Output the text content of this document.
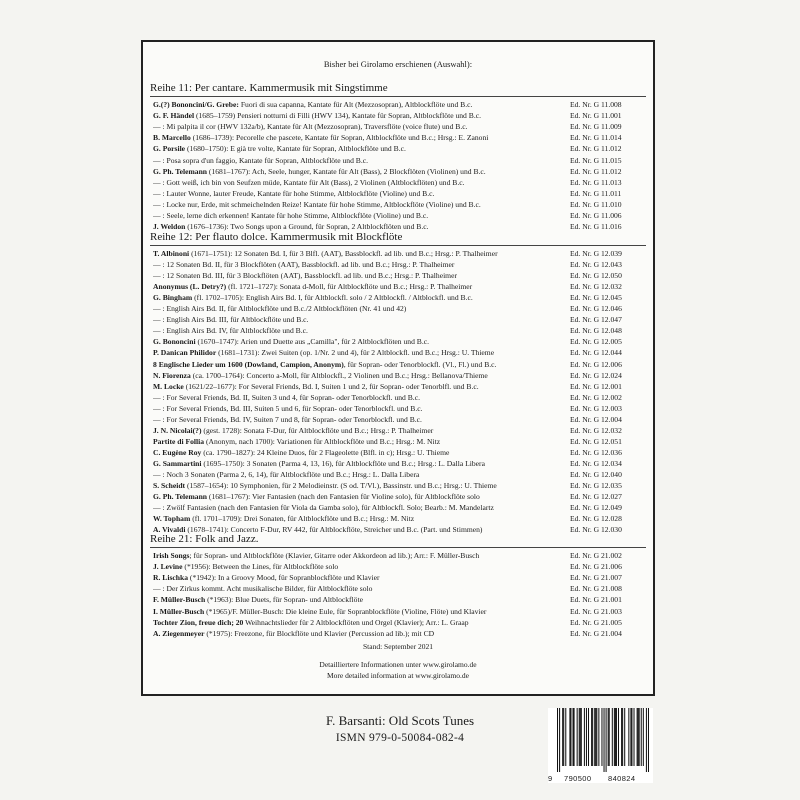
Bisher bei Girolamo erschienen (Auswahl):
Reihe 11: Per cantare. Kammermusik mit Singstimme
G.(?) Bononcini/G. Grebe: Fuori di sua capanna, Kantate für Alt (Mezzosopran), Altblockflöte und B.c.	Ed. Nr. G 11.008
G. F. Händel (1685–1759) Pensieri notturni di Filli (HWV 134), Kantate für Sopran, Altblockflöte und B.c.	Ed. Nr. G 11.001
— : Mi palpita il cor (HWV 132a/b), Kantate für Alt (Mezzosopran), Traversflöte (voice flute) und B.c.	Ed. Nr. G 11.009
B. Marcello (1686–1739): Pecorelle che pascete, Kantate für Sopran, Altblockflöte und B.c.; Hrsg.: E. Zanoni	Ed. Nr. G 11.014
G. Porsile (1680–1750): E già tre volte, Kantate für Sopran, Altblockflöte und B.c.	Ed. Nr. G 11.012
— : Posa sopra d'un faggio, Kantate für Sopran, Altblockflöte und B.c.	Ed. Nr. G 11.015
G. Ph. Telemann (1681–1767): Ach, Seele, hunger, Kantate für Alt (Bass), 2 Blockflöten (Violinen) und B.c.	Ed. Nr. G 11.012
— : Gott weiß, ich bin von Seufzen müde, Kantate für Alt (Bass), 2 Violinen (Altblockflöten) und B.c.	Ed. Nr. G 11.013
— : Lauter Wonne, lauter Freude, Kantate für hohe Stimme, Altblockflöte (Violine) und B.c.	Ed. Nr. G 11.011
— : Locke nur, Erde, mit schmeichelnden Reize! Kantate für hohe Stimme, Altblockflöte (Violine) und B.c.	Ed. Nr. G 11.010
— : Seele, lerne dich erkennen! Kantate für hohe Stimme, Altblockflöte (Violine) und B.c.	Ed. Nr. G 11.006
J. Weldon (1676–1736): Two Songs upon a Ground, für Sopran, 2 Altblockflöten und B.c.	Ed. Nr. G 11.016
Reihe 12: Per flauto dolce. Kammermusik mit Blockflöte
T. Albinoni (1671–1751): 12 Sonaten Bd. I, für 3 Blfl. (AAT), Bassblockfl. ad lib. und B.c.; Hrsg.: P. Thalheimer	Ed. Nr. G 12.039
— : 12 Sonaten Bd. II, für 3 Blockflöten (AAT), Bassblockfl. ad lib. und B.c.; Hrsg.: P. Thalheimer	Ed. Nr. G 12.043
— : 12 Sonaten Bd. III, für 3 Blockflöten (AAT), Bassblockfl. ad lib. und B.c.; Hrsg.: P. Thalheimer	Ed. Nr. G 12.050
Anonymus (L. Detry?) (fl. 1721–1727): Sonata d-Moll, für Altblockflöte und B.c.; Hrsg.: P. Thalheimer	Ed. Nr. G 12.032
G. Bingham (fl. 1702–1705): English Airs Bd. I, für Altblockfl. solo / 2 Altblockfl. / Altblockfl. und B.c.	Ed. Nr. G 12.045
— : English Airs Bd. II, für Altblockflöte und B.c./2 Altblockflöten (Nr. 41 und 42)	Ed. Nr. G 12.046
— : English Airs Bd. III, für Altblockflöte und B.c.	Ed. Nr. G 12.047
— : English Airs Bd. IV, für Altblockflöte und B.c.	Ed. Nr. G 12.048
G. Bononcini (1670–1747): Arien und Duette aus „Camilla", für 2 Altblockflöten und B.c.	Ed. Nr. G 12.005
P. Danican Philidor (1681–1731): Zwei Suiten (op. 1/Nr. 2 und 4), für 2 Altblockfl. und B.c.; Hrsg.: U. Thieme	Ed. Nr. G 12.044
8 Englische Lieder um 1600 (Dowland, Campion, Anonym), für Sopran- oder Tenorblockfl. (Vl., Fl.) und B.c.	Ed. Nr. G 12.006
N. Fiorenza (ca. 1700–1764): Concerto a-Moll, für Altblockfl., 2 Violinen und B.c.; Hrsg.: Bellanova/Thieme	Ed. Nr. G 12.024
M. Locke (1621/22–1677): For Several Friends, Bd. I, Suiten 1 und 2, für Sopran- oder Tenorblfl. und B.c.	Ed. Nr. G 12.001
— : For Several Friends, Bd. II, Suiten 3 und 4, für Sopran- oder Tenorblockfl. und B.c.	Ed. Nr. G 12.002
— : For Several Friends, Bd. III, Suiten 5 und 6, für Sopran- oder Tenorblockfl. und B.c.	Ed. Nr. G 12.003
— : For Several Friends, Bd. IV, Suiten 7 und 8, für Sopran- oder Tenorblockfl. und B.c.	Ed. Nr. G 12.004
J. N. Nicolai(?) (gest. 1728): Sonata F-Dur, für Altblockflöte und B.c.; Hrsg.: P. Thalheimer	Ed. Nr. G 12.032
Partite di Follia (Anonym, nach 1700): Variationen für Altblockflöte und B.c.; Hrsg.: M. Nitz	Ed. Nr. G 12.051
C. Eugène Roy (ca. 1790–1827): 24 Kleine Duos, für 2 Flageolette (Blfl. in c); Hrsg.: U. Thieme	Ed. Nr. G 12.036
G. Sammartini (1695–1750): 3 Sonaten (Parma 4, 13, 16), für Altblockflöte und B.c.; Hrsg.: L. Dalla Libera	Ed. Nr. G 12.034
— : Noch 3 Sonaten (Parma 2, 6, 14), für Altblockflöte und B.c.; Hrsg.: L. Dalla Libera	Ed. Nr. G 12.040
S. Scheidt (1587–1654): 10 Symphonien, für 2 Melodieinstr. (S od. T/Vl.), Bassinstr. und B.c.; Hrsg.: U. Thieme	Ed. Nr. G 12.035
G. Ph. Telemann (1681–1767): Vier Fantasien (nach den Fantasien für Violine solo), für Altblockflöte solo	Ed. Nr. G 12.027
— : Zwölf Fantasien (nach den Fantasien für Viola da Gamba solo), für Altblockfl. Solo; Bearb.: M. Mandelartz	Ed. Nr. G 12.049
W. Topham (fl. 1701–1709): Drei Sonaten, für Altblockflöte und B.c.; Hrsg.: M. Nitz	Ed. Nr. G 12.028
A. Vivaldi (1678–1741): Concerto F-Dur, RV 442, für Altblockflöte, Streicher und B.c. (Part. und Stimmen)	Ed. Nr. G 12.030
Reihe 21: Folk and Jazz.
Irish Songs; für Sopran- und Altblockflöte (Klavier, Gitarre oder Akkordeon ad lib.); Arr.: F. Müller-Busch	Ed. Nr. G 21.002
J. Levine (*1956): Between the Lines, für Altblockflöte solo	Ed. Nr. G 21.006
R. Lischka (*1942): In a Groovy Mood, für Sopranblockflöte und Klavier	Ed. Nr. G 21.007
— : Der Zirkus kommt. Acht musikalische Bilder, für Altblockflöte solo	Ed. Nr. G 21.008
F. Müller-Busch (*1963): Blue Duets, für Sopran- und Altblockflöte	Ed. Nr. G 21.001
I. Müller-Busch (*1965)/F. Müller-Busch: Die kleine Eule, für Sopranblockflöte (Violine, Flöte) und Klavier	Ed. Nr. G 21.003
Tochter Zion, freue dich; 20 Weihnachtslieder für 2 Altblockflöten und Orgel (Klavier); Arr.: L. Graap	Ed. Nr. G 21.005
A. Ziegenmeyer (*1975): Freezone, für Blockflöte und Klavier (Percussion ad lib.); mit CD	Ed. Nr. G 21.004
Stand: September 2021
Detailliertere Informationen unter www.girolamo.de
More detailed information at www.girolamo.de
F. Barsanti: Old Scots Tunes
ISMN 979-0-50084-082-4
9 790500 840824
